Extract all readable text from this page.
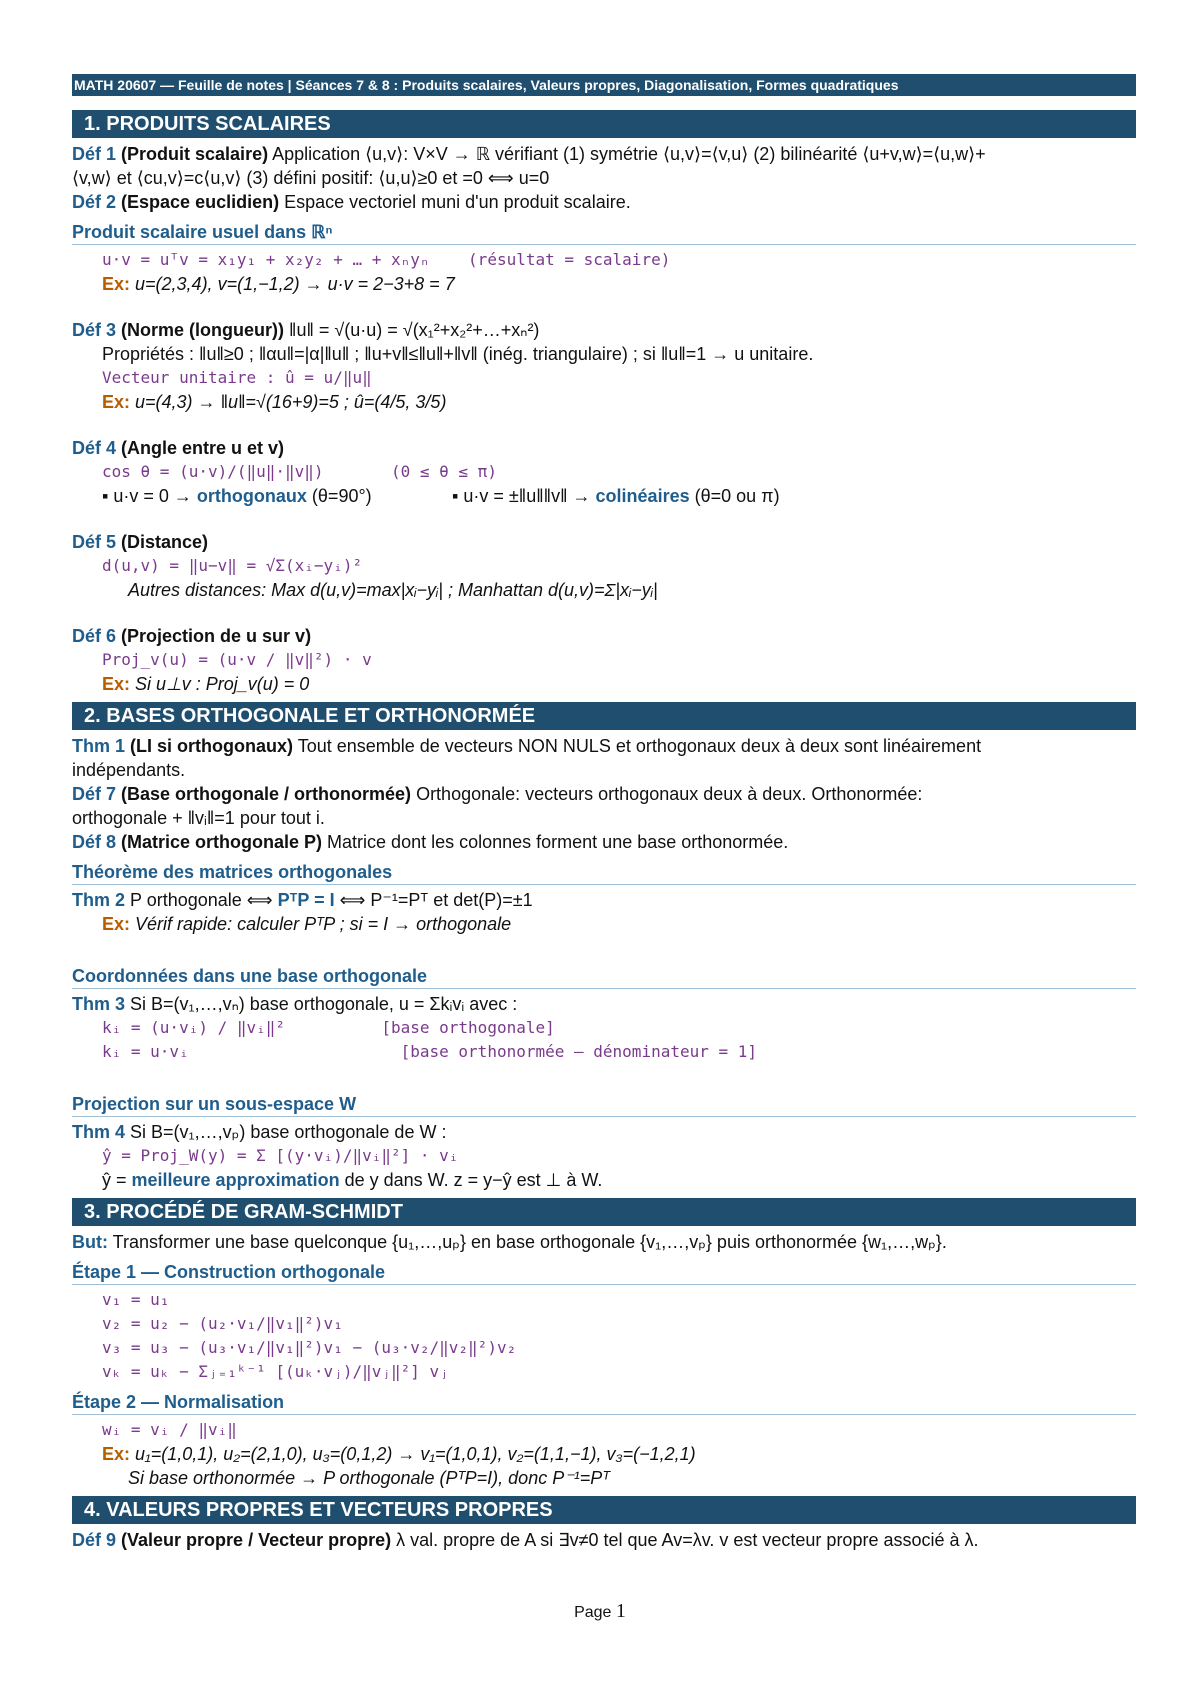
MATH 20607 — Feuille de notes | Séances 7 & 8 : Produits scalaires, Valeurs propres, Diagonalisation, Formes quadratiques
1. PRODUITS SCALAIRES
Déf 1 (Produit scalaire) Application ⟨u,v⟩: V×V → ℝ vérifiant (1) symétrie ⟨u,v⟩=⟨v,u⟩ (2) bilinéarité ⟨u+v,w⟩=⟨u,w⟩+
⟨v,w⟩ et ⟨cu,v⟩=c⟨u,v⟩ (3) défini positif: ⟨u,u⟩≥0 et =0 ⟺ u=0
Déf 2 (Espace euclidien) Espace vectoriel muni d'un produit scalaire.
Produit scalaire usuel dans ℝⁿ
u·v = uᵀv = x₁y₁ + x₂y₂ + … + xₙyₙ    (résultat = scalaire)
Ex: u=(2,3,4), v=(1,−1,2) → u·v = 2−3+8 = 7
Déf 3 (Norme (longueur)) ‖u‖ = √(u·u) = √(x₁²+x₂²+…+xₙ²)
Propriétés : ‖u‖≥0 ; ‖αu‖=|α|‖u‖ ; ‖u+v‖≤‖u‖+‖v‖ (inég. triangulaire) ; si ‖u‖=1 → u unitaire.
Vecteur unitaire : û = u/‖u‖
Ex: u=(4,3) → ‖u‖=√(16+9)=5 ; û=(4/5, 3/5)
Déf 4 (Angle entre u et v)
cos θ = (u·v)/(‖u‖·‖v‖)       (0 ≤ θ ≤ π)
▪ u·v = 0 → orthogonaux (θ=90°)	▪ u·v = ±‖u‖‖v‖ → colinéaires (θ=0 ou π)
Déf 5 (Distance)
d(u,v) = ‖u−v‖ = √Σ(xᵢ−yᵢ)²
Autres distances: Max d(u,v)=max|xᵢ−yᵢ| ; Manhattan d(u,v)=Σ|xᵢ−yᵢ|
Déf 6 (Projection de u sur v)
Proj_v(u) = (u·v / ‖v‖²) · v
Ex: Si u⊥v : Proj_v(u) = 0
2. BASES ORTHOGONALE ET ORTHONORMÉE
Thm 1 (LI si orthogonaux) Tout ensemble de vecteurs NON NULS et orthogonaux deux à deux sont linéairement
indépendants.
Déf 7 (Base orthogonale / orthonormée) Orthogonale: vecteurs orthogonaux deux à deux. Orthonormée:
orthogonale + ‖vᵢ‖=1 pour tout i.
Déf 8 (Matrice orthogonale P) Matrice dont les colonnes forment une base orthonormée.
Théorème des matrices orthogonales
Thm 2 P orthogonale ⟺ PᵀP = I ⟺ P⁻¹=Pᵀ et det(P)=±1
Ex: Vérif rapide: calculer PᵀP ; si = I → orthogonale
Coordonnées dans une base orthogonale
Thm 3 Si B=(v₁,…,vₙ) base orthogonale, u = Σkᵢvᵢ avec :
kᵢ = (u·vᵢ) / ‖vᵢ‖²          [base orthogonale]
kᵢ = u·vᵢ                      [base orthonormée — dénominateur = 1]
Projection sur un sous-espace W
Thm 4 Si B=(v₁,…,vₚ) base orthogonale de W :
ŷ = Proj_W(y) = Σ [(y·vᵢ)/‖vᵢ‖²] · vᵢ
ŷ = meilleure approximation de y dans W. z = y−ŷ est ⊥ à W.
3. PROCÉDÉ DE GRAM-SCHMIDT
But: Transformer une base quelconque {u₁,…,uₚ} en base orthogonale {v₁,…,vₚ} puis orthonormée {w₁,…,wₚ}.
Étape 1 — Construction orthogonale
v₁ = u₁
v₂ = u₂ − (u₂·v₁/‖v₁‖²)v₁
v₃ = u₃ − (u₃·v₁/‖v₁‖²)v₁ − (u₃·v₂/‖v₂‖²)v₂
vₖ = uₖ − Σⱼ₌₁ᵏ⁻¹ [(uₖ·vⱼ)/‖vⱼ‖²] vⱼ
Étape 2 — Normalisation
wᵢ = vᵢ / ‖vᵢ‖
Ex: u₁=(1,0,1), u₂=(2,1,0), u₃=(0,1,2) → v₁=(1,0,1), v₂=(1,1,−1), v₃=(−1,2,1)
Si base orthonormée → P orthogonale (PᵀP=I), donc P⁻¹=Pᵀ
4. VALEURS PROPRES ET VECTEURS PROPRES
Déf 9 (Valeur propre / Vecteur propre) λ val. propre de A si ∃v≠0 tel que Av=λv. v est vecteur propre associé à λ.
Page 1
